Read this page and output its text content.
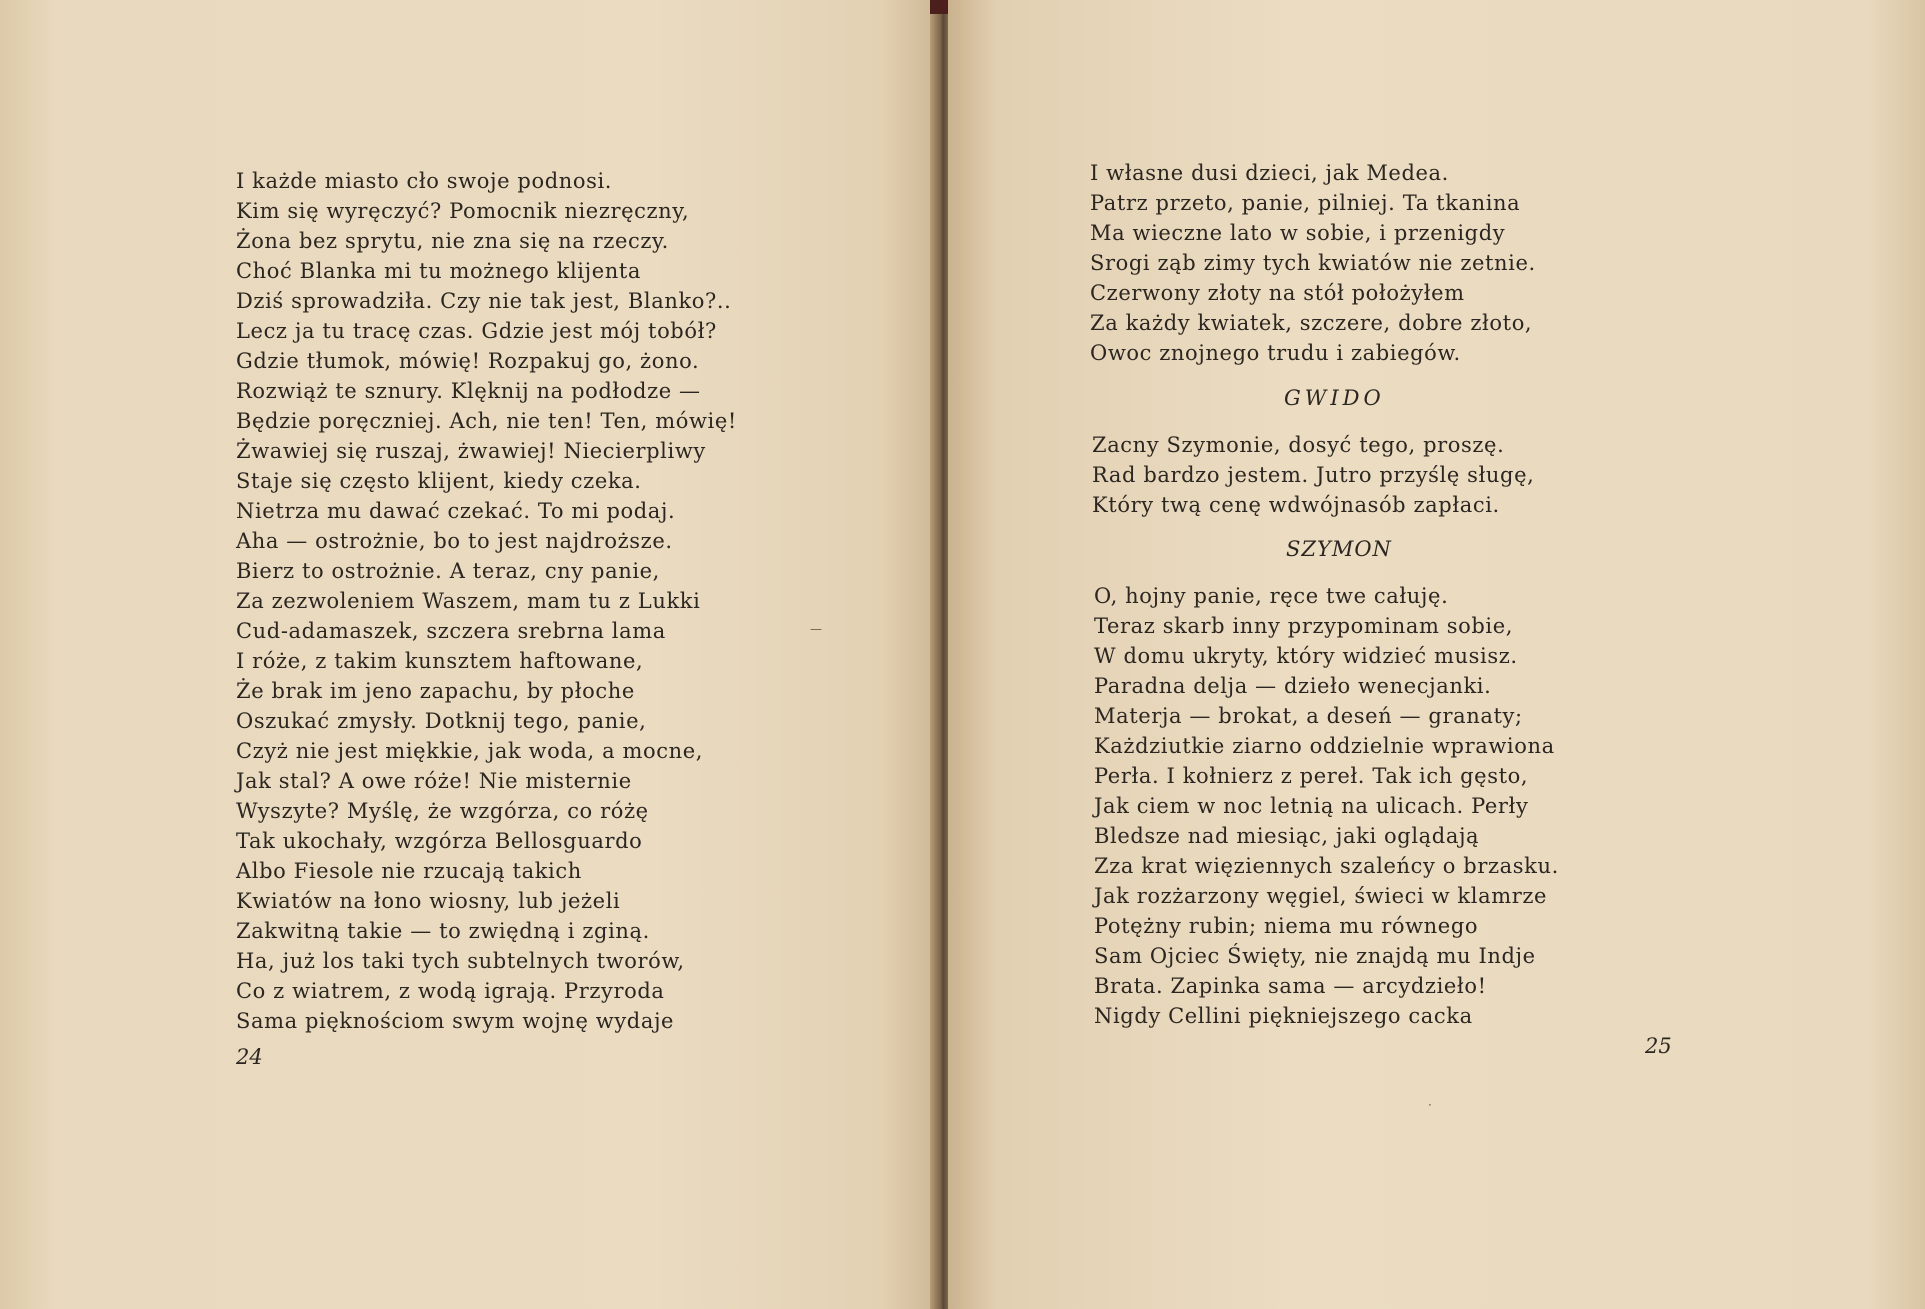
I każde miasto cło swoje podnosi.
Kim się wyręczyć? Pomocnik niezręczny,
Żona bez sprytu, nie zna się na rzeczy.
Choć Blanka mi tu możnego klijenta
Dziś sprowadziła. Czy nie tak jest, Blanko?..
Lecz ja tu tracę czas. Gdzie jest mój tobół?
Gdzie tłumok, mówię! Rozpakuj go, żono.
Rozwiąż te sznury. Klęknij na podłodze —
Będzie poręczniej. Ach, nie ten! Ten, mówię!
Żwawiej się ruszaj, żwawiej! Niecierpliwy
Staje się często klijent, kiedy czeka.
Nietrza mu dawać czekać. To mi podaj.
Aha — ostrożnie, bo to jest najdroższe.
Bierz to ostrożnie. A teraz, cny panie,
Za zezwoleniem Waszem, mam tu z Lukki
Cud-adamaszek, szczera srebrna lama
I róże, z takim kunsztem haftowane,
Że brak im jeno zapachu, by płoche
Oszukać zmysły. Dotknij tego, panie,
Czyż nie jest miękkie, jak woda, a mocne,
Jak stal? A owe róże! Nie misternie
Wyszyte? Myślę, że wzgórza, co różę
Tak ukochały, wzgórza Bellosguardo
Albo Fiesole nie rzucają takich
Kwiatów na łono wiosny, lub jeżeli
Zakwitną takie — to zwiędną i zginą.
Ha, już los taki tych subtelnych tworów,
Co z wiatrem, z wodą igrają. Przyroda
Sama pięknościom swym wojnę wydaje
24
—
I własne dusi dzieci, jak Medea.
Patrz przeto, panie, pilniej. Ta tkanina
Ma wieczne lato w sobie, i przenigdy
Srogi ząb zimy tych kwiatów nie zetnie.
Czerwony złoty na stół położyłem
Za każdy kwiatek, szczere, dobre złoto,
Owoc znojnego trudu i zabiegów.
GWIDO
Zacny Szymonie, dosyć tego, proszę.
Rad bardzo jestem. Jutro przyślę sługę,
Który twą cenę wdwójnasób zapłaci.
SZYMON
O, hojny panie, ręce twe całuję.
Teraz skarb inny przypominam sobie,
W domu ukryty, który widzieć musisz.
Paradna delja — dzieło wenecjanki.
Materja — brokat, a deseń — granaty;
Każdziutkie ziarno oddzielnie wprawiona
Perła. I kołnierz z pereł. Tak ich gęsto,
Jak ciem w noc letnią na ulicach. Perły
Bledsze nad miesiąc, jaki oglądają
Zza krat więziennych szaleńcy o brzasku.
Jak rozżarzony węgiel, świeci w klamrze
Potężny rubin; niema mu równego
Sam Ojciec Święty, nie znajdą mu Indje
Brata. Zapinka sama — arcydzieło!
Nigdy Cellini piękniejszego cacka
25
·
